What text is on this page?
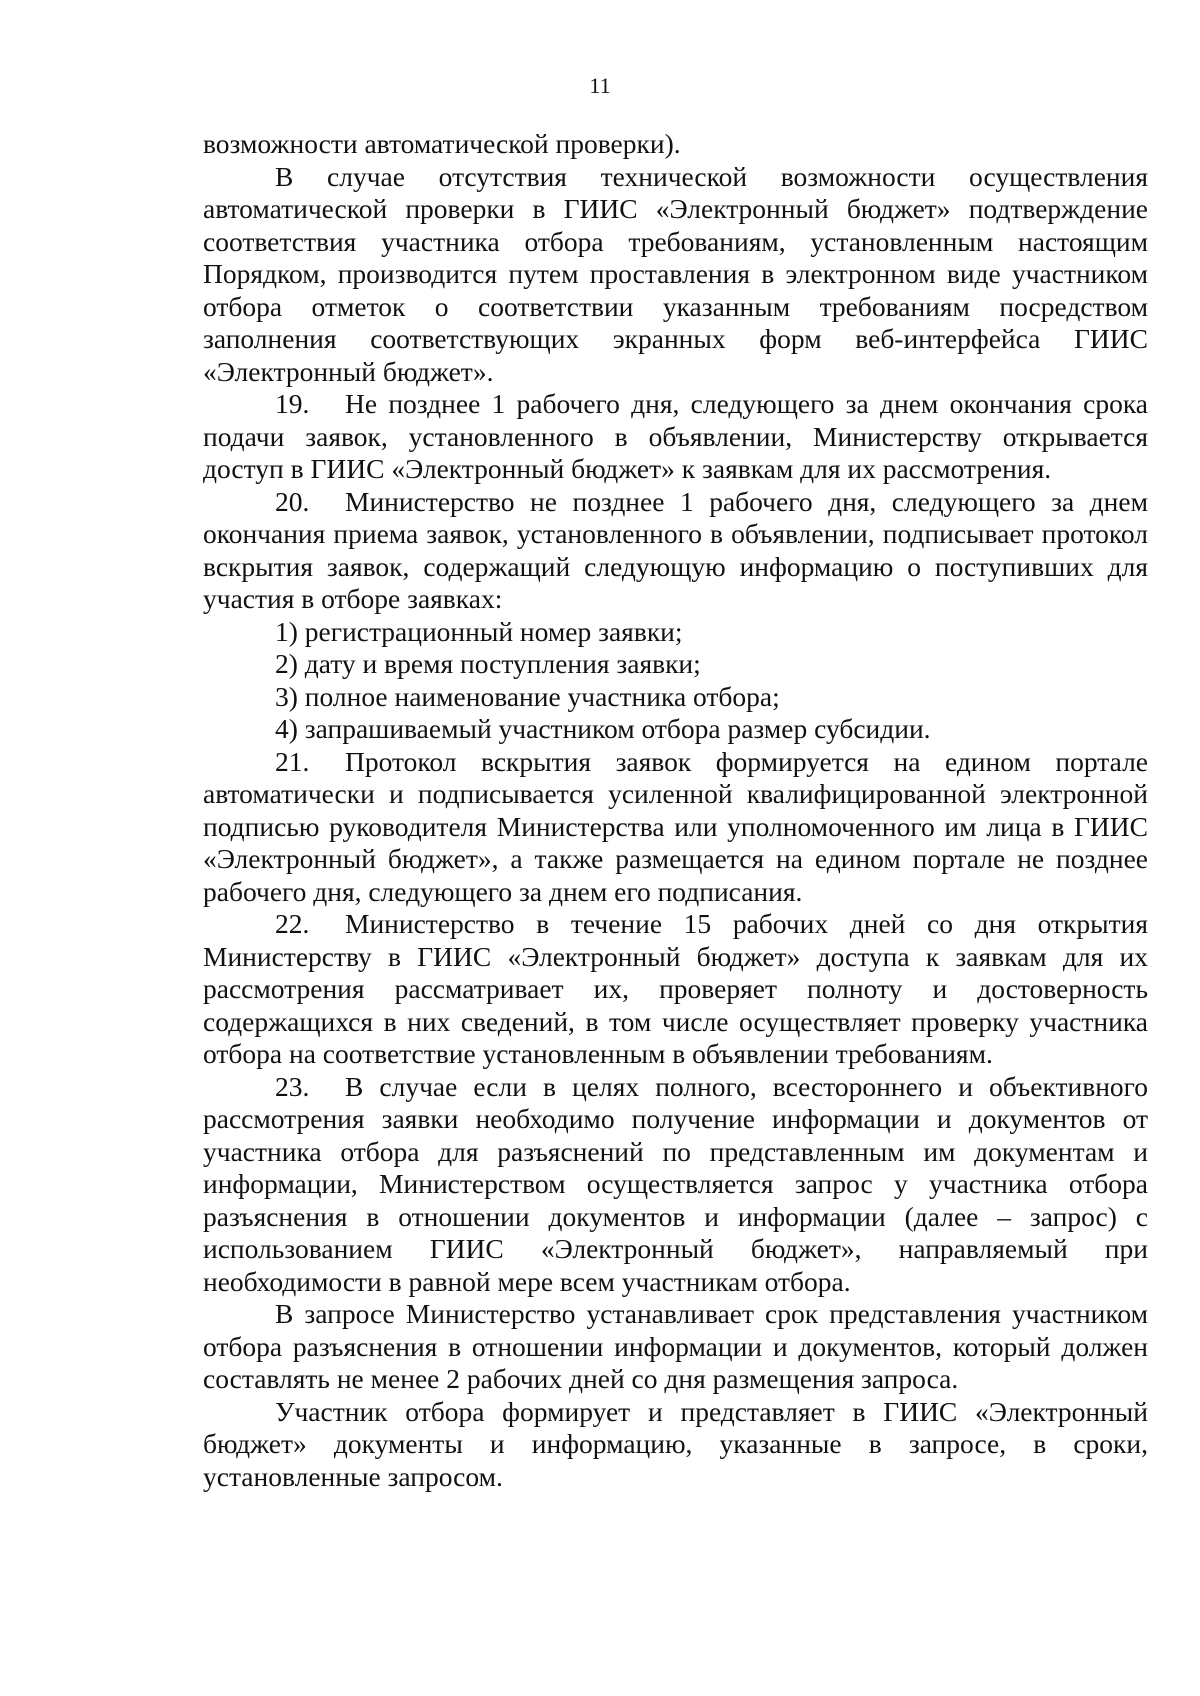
11

возможности автоматической проверки).

В случае отсутствия технической возможности осуществления автоматической проверки в ГИИС «Электронный бюджет» подтверждение соответствия участника отбора требованиям, установленным настоящим Порядком, производится путем проставления в электронном виде участником отбора отметок о соответствии указанным требованиям посредством заполнения соответствующих экранных форм веб-интерфейса ГИИС «Электронный бюджет».

19. Не позднее 1 рабочего дня, следующего за днем окончания срока подачи заявок, установленного в объявлении, Министерству открывается доступ в ГИИС «Электронный бюджет» к заявкам для их рассмотрения.

20. Министерство не позднее 1 рабочего дня, следующего за днем окончания приема заявок, установленного в объявлении, подписывает протокол вскрытия заявок, содержащий следующую информацию о поступивших для участия в отборе заявках:

1) регистрационный номер заявки;

2) дату и время поступления заявки;

3) полное наименование участника отбора;

4) запрашиваемый участником отбора размер субсидии.

21. Протокол вскрытия заявок формируется на едином портале автоматически и подписывается усиленной квалифицированной электронной подписью руководителя Министерства или уполномоченного им лица в ГИИС «Электронный бюджет», а также размещается на едином портале не позднее рабочего дня, следующего за днем его подписания.

22. Министерство в течение 15 рабочих дней со дня открытия Министерству в ГИИС «Электронный бюджет» доступа к заявкам для их рассмотрения рассматривает их, проверяет полноту и достоверность содержащихся в них сведений, в том числе осуществляет проверку участника отбора на соответствие установленным в объявлении требованиям.

23. В случае если в целях полного, всестороннего и объективного рассмотрения заявки необходимо получение информации и документов от участника отбора для разъяснений по представленным им документам и информации, Министерством осуществляется запрос у участника отбора разъяснения в отношении документов и информации (далее – запрос) с использованием ГИИС «Электронный бюджет», направляемый при необходимости в равной мере всем участникам отбора.

В запросе Министерство устанавливает срок представления участником отбора разъяснения в отношении информации и документов, который должен составлять не менее 2 рабочих дней со дня размещения запроса.

Участник отбора формирует и представляет в ГИИС «Электронный бюджет» документы и информацию, указанные в запросе, в сроки, установленные запросом.
